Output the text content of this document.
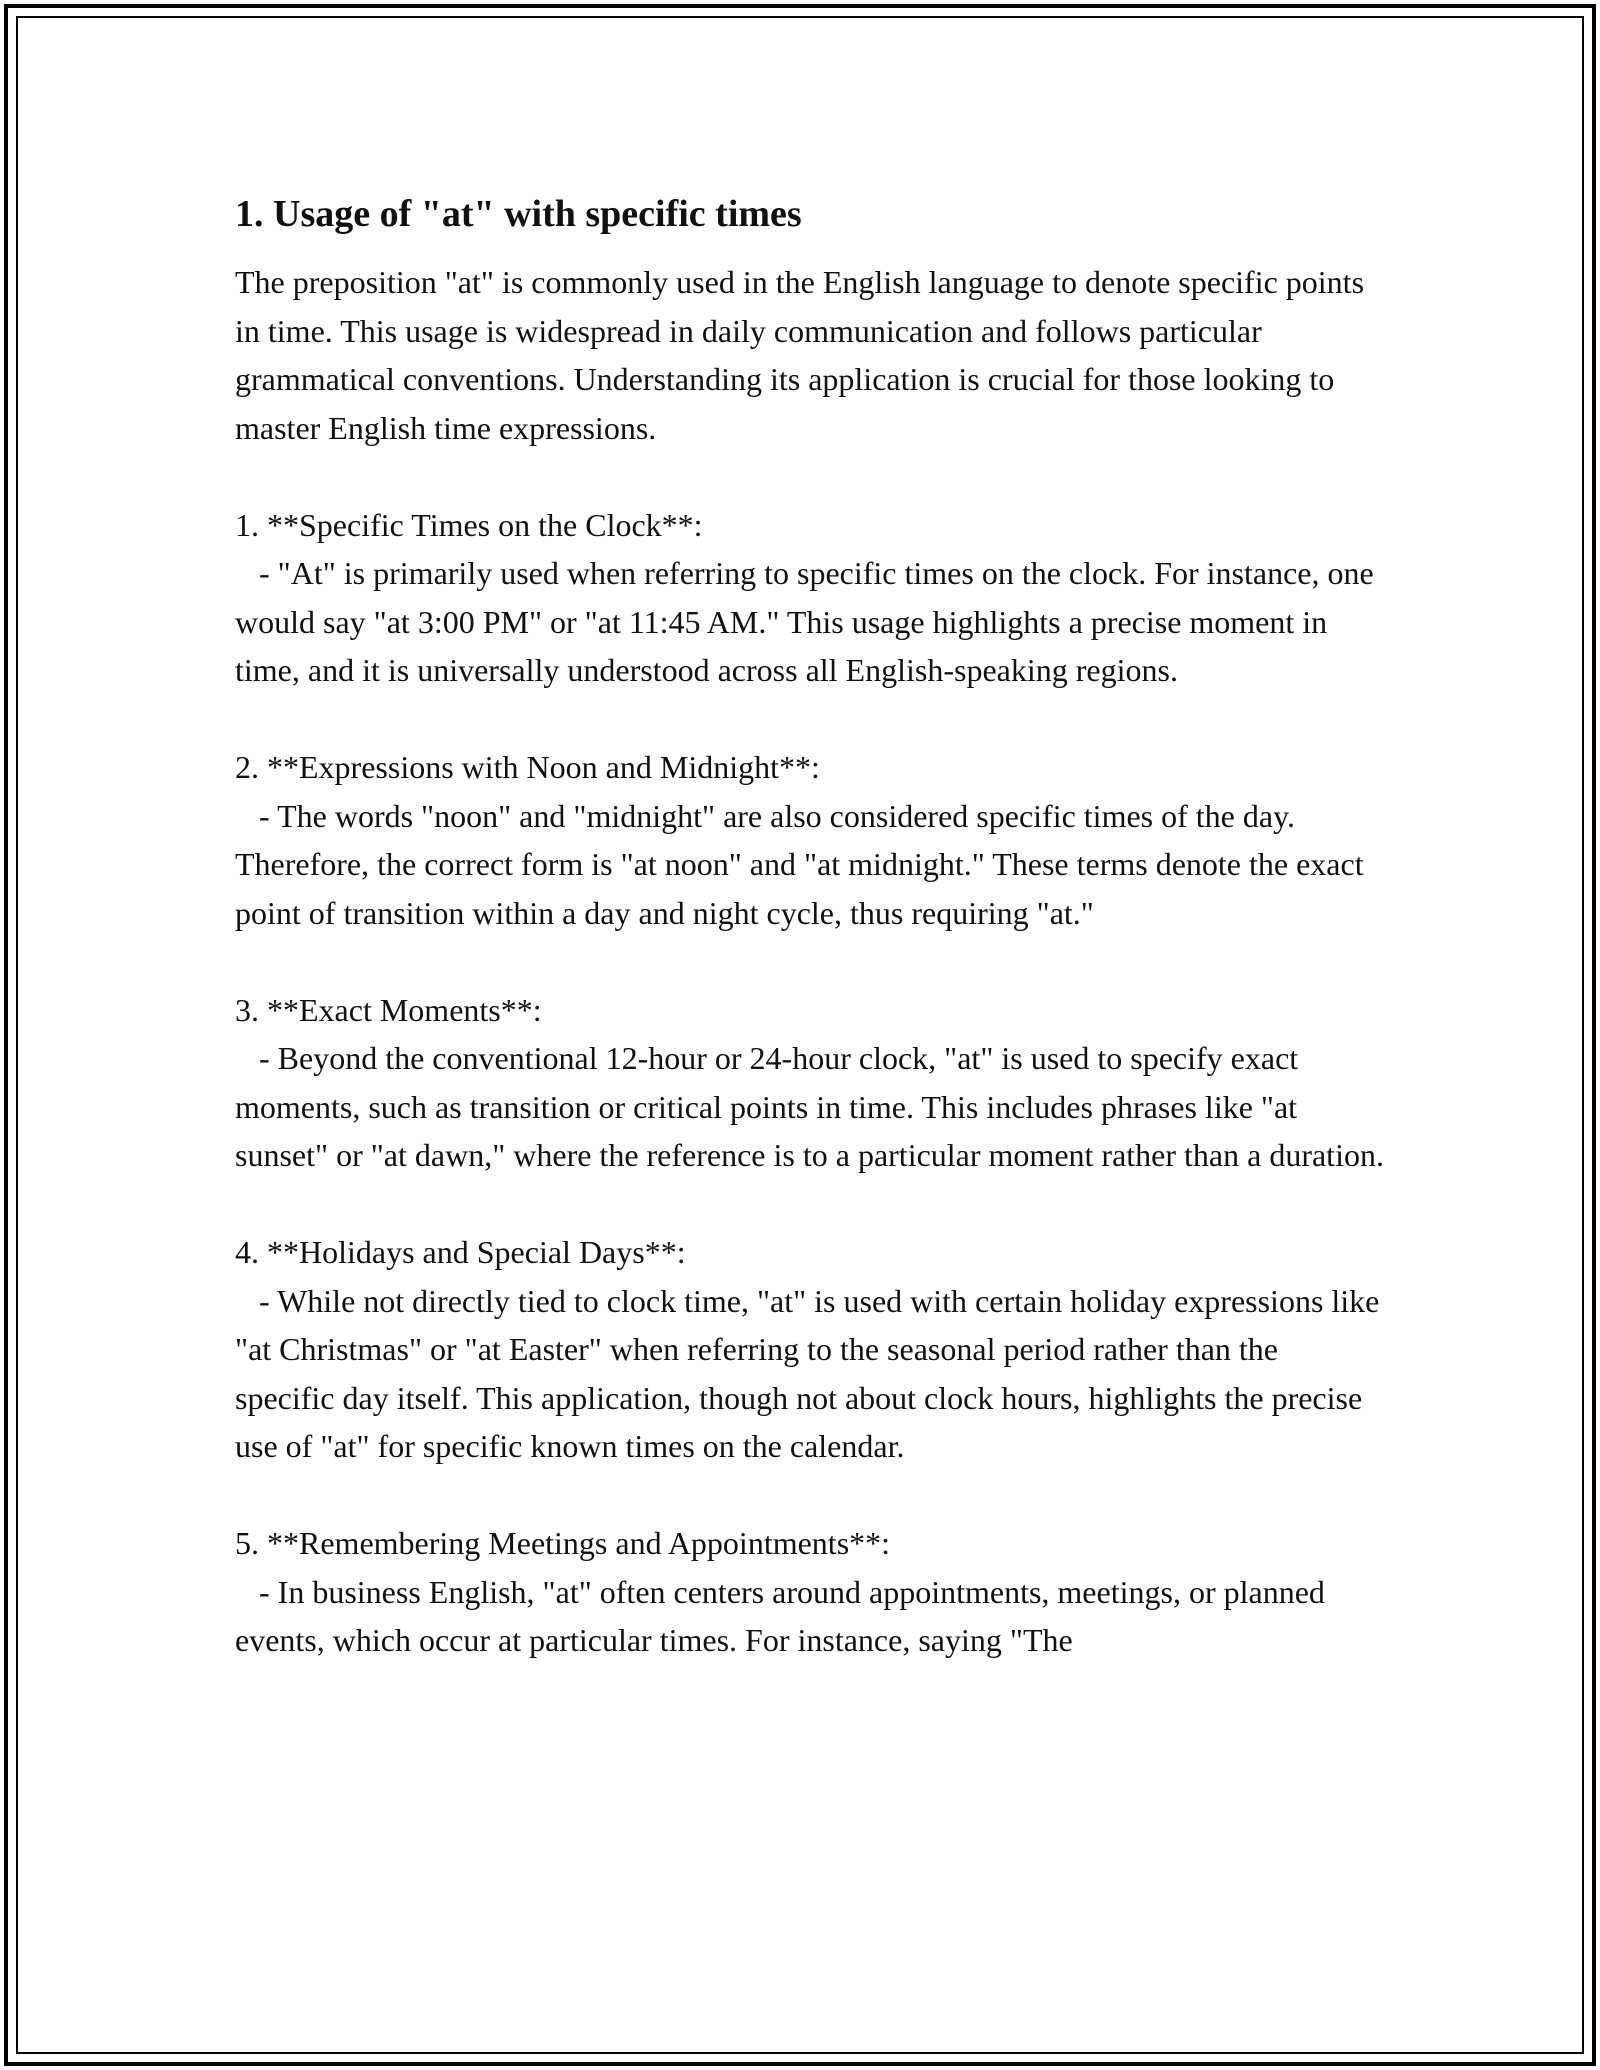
1. Usage of "at" with specific times

The preposition "at" is commonly used in the English language to denote specific points in time. This usage is widespread in daily communication and follows particular grammatical conventions. Understanding its application is crucial for those looking to master English time expressions.

1. **Specific Times on the Clock**:

- "At" is primarily used when referring to specific times on the clock. For instance, one would say "at 3:00 PM" or "at 11:45 AM." This usage highlights a precise moment in time, and it is universally understood across all English-speaking regions.

2. **Expressions with Noon and Midnight**:

- The words "noon" and "midnight" are also considered specific times of the day. Therefore, the correct form is "at noon" and "at midnight." These terms denote the exact point of transition within a day and night cycle, thus requiring "at."

3. **Exact Moments**:

- Beyond the conventional 12-hour or 24-hour clock, "at" is used to specify exact moments, such as transition or critical points in time. This includes phrases like "at sunset" or "at dawn," where the reference is to a particular moment rather than a duration.

4. **Holidays and Special Days**:

- While not directly tied to clock time, "at" is used with certain holiday expressions like "at Christmas" or "at Easter" when referring to the seasonal period rather than the specific day itself. This application, though not about clock hours, highlights the precise use of "at" for specific known times on the calendar.

5. **Remembering Meetings and Appointments**:

- In business English, "at" often centers around appointments, meetings, or planned events, which occur at particular times. For instance, saying "The
